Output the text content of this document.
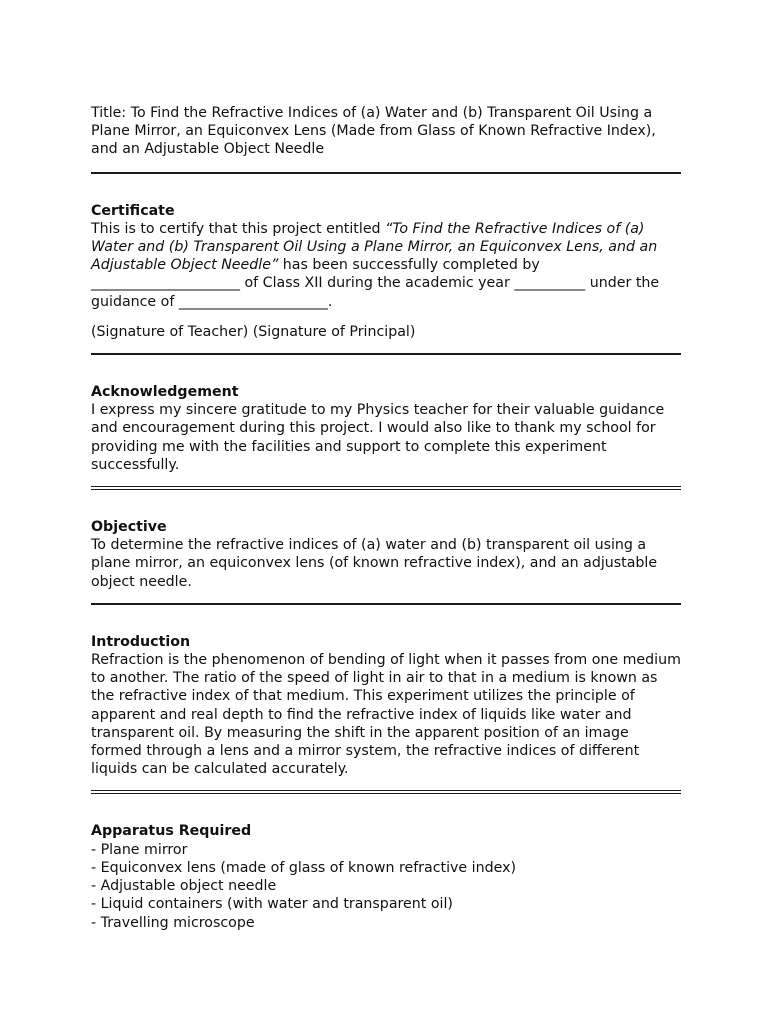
Title: To Find the Refractive Indices of (a) Water and (b) Transparent Oil Using a Plane Mirror, an Equiconvex Lens (Made from Glass of Known Refractive Index), and an Adjustable Object Needle

Certificate

This is to certify that this project entitled “To Find the Refractive Indices of (a) Water and (b) Transparent Oil Using a Plane Mirror, an Equiconvex Lens, and an Adjustable Object Needle” has been successfully completed by _____________________ of Class XII during the academic year __________ under the guidance of _____________________.

(Signature of Teacher) (Signature of Principal)

Acknowledgement

I express my sincere gratitude to my Physics teacher for their valuable guidance and encouragement during this project. I would also like to thank my school for providing me with the facilities and support to complete this experiment successfully.

Objective

To determine the refractive indices of (a) water and (b) transparent oil using a plane mirror, an equiconvex lens (of known refractive index), and an adjustable object needle.

Introduction

Refraction is the phenomenon of bending of light when it passes from one medium to another. The ratio of the speed of light in air to that in a medium is known as the refractive index of that medium. This experiment utilizes the principle of apparent and real depth to find the refractive index of liquids like water and transparent oil. By measuring the shift in the apparent position of an image formed through a lens and a mirror system, the refractive indices of different liquids can be calculated accurately.

Apparatus Required

- Plane mirror

- Equiconvex lens (made of glass of known refractive index)

- Adjustable object needle

- Liquid containers (with water and transparent oil)

- Travelling microscope
